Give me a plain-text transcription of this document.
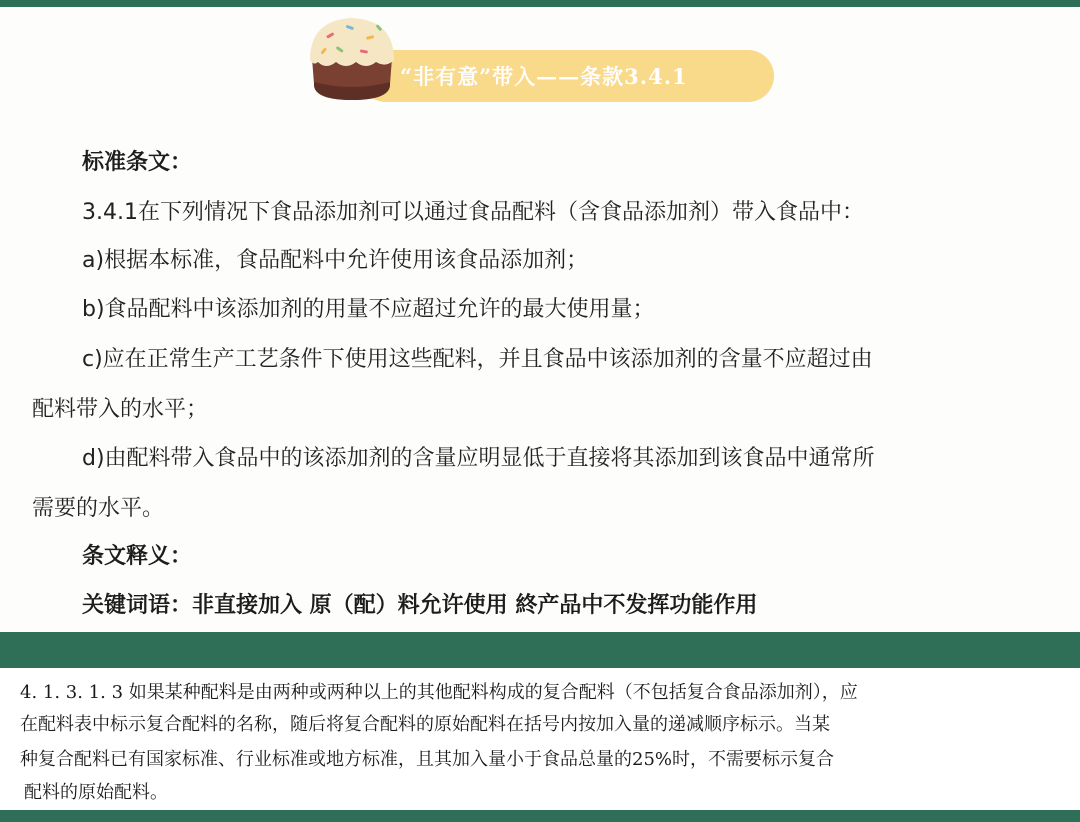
“非有意”带入——条款3.4.1
标准条文：
3.4.1在下列情况下食品添加剂可以通过食品配料（含食品添加剂）带入食品中：
a)根据本标准，食品配料中允许使用该食品添加剂；
b)食品配料中该添加剂的用量不应超过允许的最大使用量；
c)应在正常生产工艺条件下使用这些配料，并且食品中该添加剂的含量不应超过由
配料带入的水平；
d)由配料带入食品中的该添加剂的含量应明显低于直接将其添加到该食品中通常所
需要的水平。
条文释义：
关键词语：非直接加入 原（配）料允许使用 終产品中不发挥功能作用
4. 1. 3. 1. 3 如果某种配料是由两种或两种以上的其他配料构成的复合配料（不包括复合食品添加剂），应
在配料表中标示复合配料的名称，随后将复合配料的原始配料在括号内按加入量的递减顺序标示。当某
种复合配料已有国家标准、行业标准或地方标准，且其加入量小于食品总量的25%时，不需要标示复合
配料的原始配料。
